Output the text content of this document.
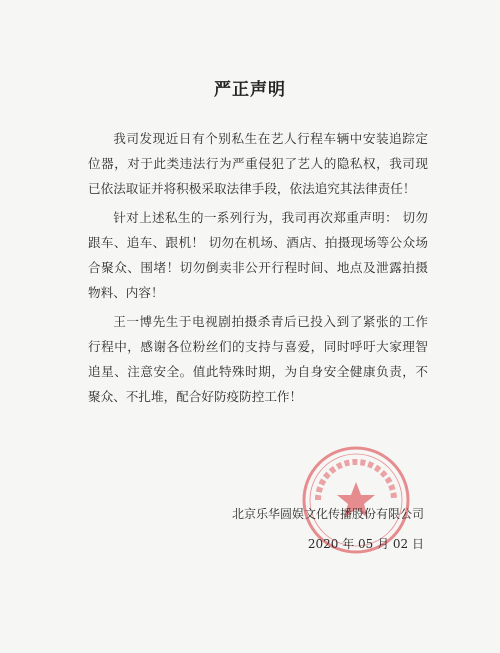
严正声明

我司发现近日有个别私生在艺人行程车辆中安装追踪定位器，对于此类违法行为严重侵犯了艺人的隐私权，我司现已依法取证并将积极采取法律手段，依法追究其法律责任！

针对上述私生的一系列行为，我司再次郑重声明： 切勿跟车、追车、跟机！ 切勿在机场、酒店、拍摄现场等公众场合聚众、围堵！切勿倒卖非公开行程时间、地点及泄露拍摄物料、内容！

王一博先生于电视剧拍摄杀青后已投入到了紧张的工作行程中，感谢各位粉丝们的支持与喜爱，同时呼吁大家理智追星、注意安全。值此特殊时期，为自身安全健康负责，不聚众、不扎堆，配合好防疫防控工作！

北京乐华圆娱文化传播股份有限公司
2020 年 05 月 02 日
